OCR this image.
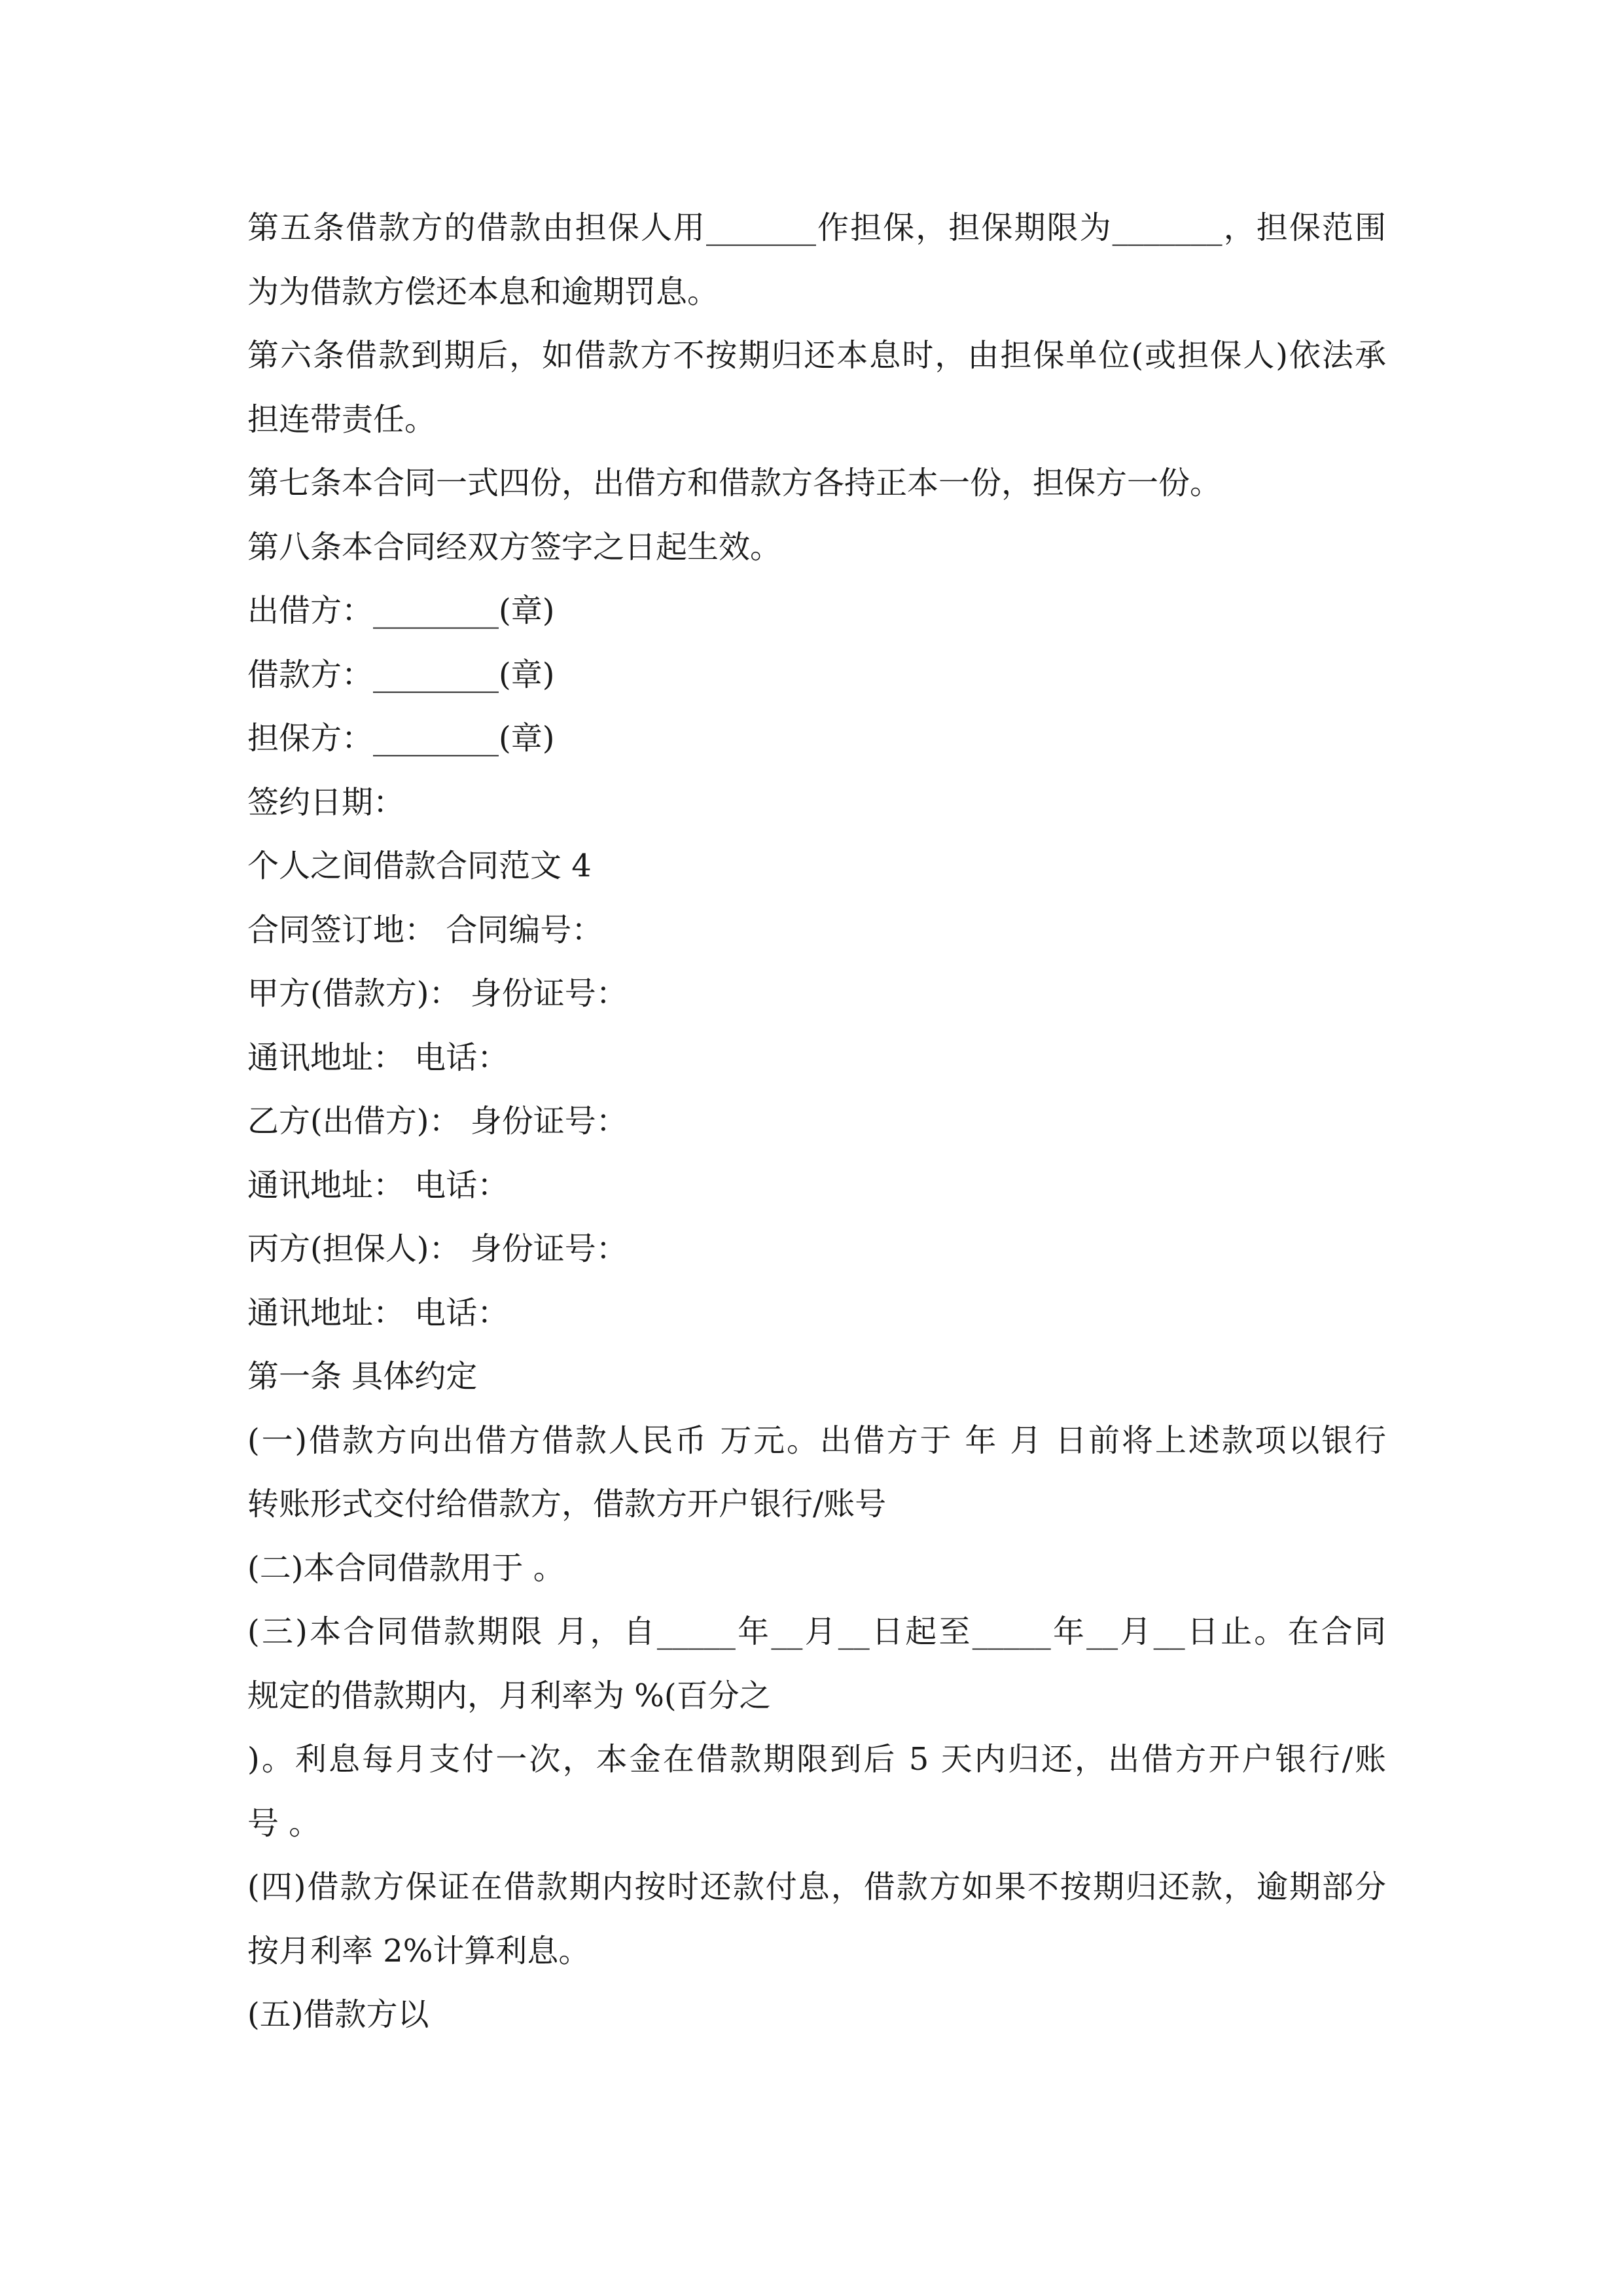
第五条借款方的借款由担保人用_______作担保，担保期限为_______，担保范围
为为借款方偿还本息和逾期罚息。
第六条借款到期后，如借款方不按期归还本息时，由担保单位(或担保人)依法承
担连带责任。
第七条本合同一式四份，出借方和借款方各持正本一份，担保方一份。
第八条本合同经双方签字之日起生效。
出借方：________(章)
借款方：________(章)
担保方：________(章)
签约日期：
个人之间借款合同范文 4
合同签订地： 合同编号：
甲方(借款方)： 身份证号：
通讯地址： 电话：
乙方(出借方)： 身份证号：
通讯地址： 电话：
丙方(担保人)： 身份证号：
通讯地址： 电话：
第一条 具体约定
(一)借款方向出借方借款人民币 万元。出借方于 年 月 日前将上述款项以银行
转账形式交付给借款方，借款方开户银行/账号
(二)本合同借款用于 。
(三)本合同借款期限 月，自_____年__月__日起至_____年__月__日止。在合同
规定的借款期内，月利率为 %(百分之
)。利息每月支付一次，本金在借款期限到后 5 天内归还，出借方开户银行/账
号 。
(四)借款方保证在借款期内按时还款付息，借款方如果不按期归还款，逾期部分
按月利率 2%计算利息。
(五)借款方以
